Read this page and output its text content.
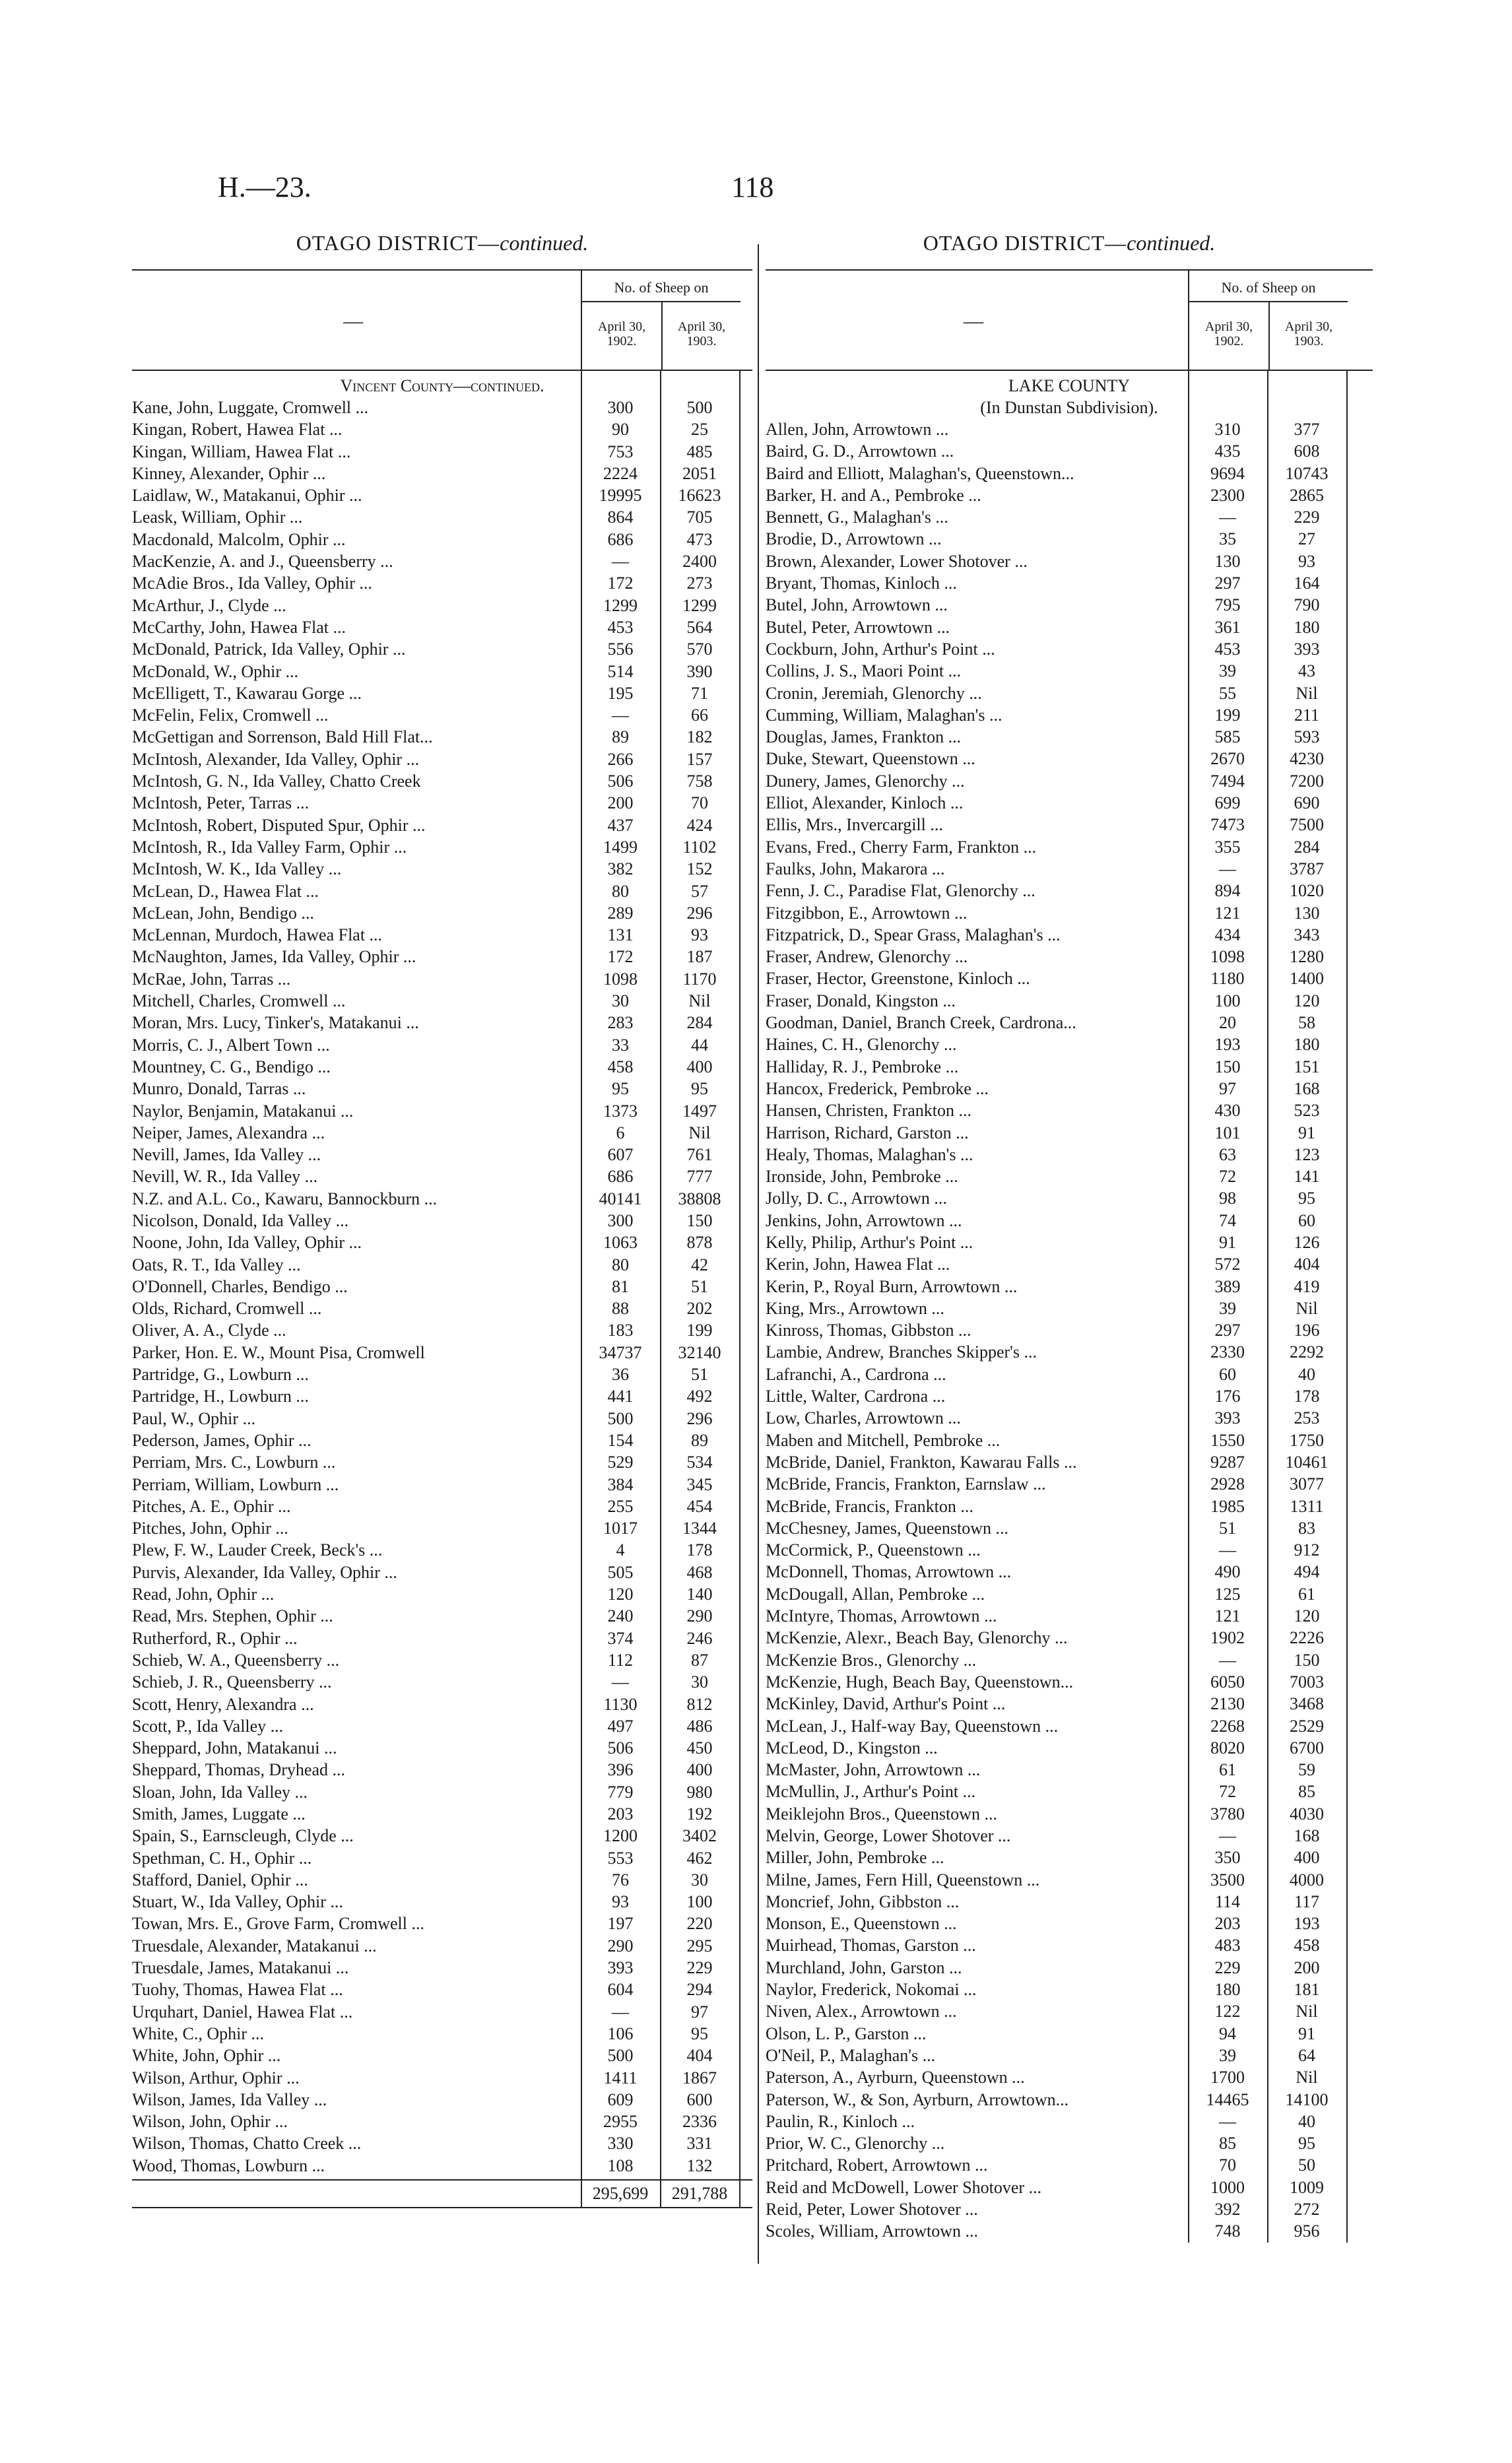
H.—23.	118
OTAGO DISTRICT—continued.
—
No. of Sheep on
April 30, 1902.
April 30, 1903.
Vincent County—continued.
Kane, John, Luggate, Cromwell ...	300	500
Kingan, Robert, Hawea Flat ...	90	25
Kingan, William, Hawea Flat ...	753	485
Kinney, Alexander, Ophir ...	2224	2051
Laidlaw, W., Matakanui, Ophir ...	19995	16623
Leask, William, Ophir ...	864	705
Macdonald, Malcolm, Ophir ...	686	473
MacKenzie, A. and J., Queensberry ...	—	2400
McAdie Bros., Ida Valley, Ophir ...	172	273
McArthur, J., Clyde ...	1299	1299
McCarthy, John, Hawea Flat ...	453	564
McDonald, Patrick, Ida Valley, Ophir ...	556	570
McDonald, W., Ophir ...	514	390
McElligett, T., Kawarau Gorge ...	195	71
McFelin, Felix, Cromwell ...	—	66
McGettigan and Sorrenson, Bald Hill Flat...	89	182
McIntosh, Alexander, Ida Valley, Ophir ...	266	157
McIntosh, G. N., Ida Valley, Chatto Creek	506	758
McIntosh, Peter, Tarras ...	200	70
McIntosh, Robert, Disputed Spur, Ophir ...	437	424
McIntosh, R., Ida Valley Farm, Ophir ...	1499	1102
McIntosh, W. K., Ida Valley ...	382	152
McLean, D., Hawea Flat ...	80	57
McLean, John, Bendigo ...	289	296
McLennan, Murdoch, Hawea Flat ...	131	93
McNaughton, James, Ida Valley, Ophir ...	172	187
McRae, John, Tarras ...	1098	1170
Mitchell, Charles, Cromwell ...	30	Nil
Moran, Mrs. Lucy, Tinker's, Matakanui ...	283	284
Morris, C. J., Albert Town ...	33	44
Mountney, C. G., Bendigo ...	458	400
Munro, Donald, Tarras ...	95	95
Naylor, Benjamin, Matakanui ...	1373	1497
Neiper, James, Alexandra ...	6	Nil
Nevill, James, Ida Valley ...	607	761
Nevill, W. R., Ida Valley ...	686	777
N.Z. and A.L. Co., Kawaru, Bannockburn ...	40141	38808
Nicolson, Donald, Ida Valley ...	300	150
Noone, John, Ida Valley, Ophir ...	1063	878
Oats, R. T., Ida Valley ...	80	42
O'Donnell, Charles, Bendigo ...	81	51
Olds, Richard, Cromwell ...	88	202
Oliver, A. A., Clyde ...	183	199
Parker, Hon. E. W., Mount Pisa, Cromwell	34737	32140
Partridge, G., Lowburn ...	36	51
Partridge, H., Lowburn ...	441	492
Paul, W., Ophir ...	500	296
Pederson, James, Ophir ...	154	89
Perriam, Mrs. C., Lowburn ...	529	534
Perriam, William, Lowburn ...	384	345
Pitches, A. E., Ophir ...	255	454
Pitches, John, Ophir ...	1017	1344
Plew, F. W., Lauder Creek, Beck's ...	4	178
Purvis, Alexander, Ida Valley, Ophir ...	505	468
Read, John, Ophir ...	120	140
Read, Mrs. Stephen, Ophir ...	240	290
Rutherford, R., Ophir ...	374	246
Schieb, W. A., Queensberry ...	112	87
Schieb, J. R., Queensberry ...	—	30
Scott, Henry, Alexandra ...	1130	812
Scott, P., Ida Valley ...	497	486
Sheppard, John, Matakanui ...	506	450
Sheppard, Thomas, Dryhead ...	396	400
Sloan, John, Ida Valley ...	779	980
Smith, James, Luggate ...	203	192
Spain, S., Earnscleugh, Clyde ...	1200	3402
Spethman, C. H., Ophir ...	553	462
Stafford, Daniel, Ophir ...	76	30
Stuart, W., Ida Valley, Ophir ...	93	100
Towan, Mrs. E., Grove Farm, Cromwell ...	197	220
Truesdale, Alexander, Matakanui ...	290	295
Truesdale, James, Matakanui ...	393	229
Tuohy, Thomas, Hawea Flat ...	604	294
Urquhart, Daniel, Hawea Flat ...	—	97
White, C., Ophir ...	106	95
White, John, Ophir ...	500	404
Wilson, Arthur, Ophir ...	1411	1867
Wilson, James, Ida Valley ...	609	600
Wilson, John, Ophir ...	2955	2336
Wilson, Thomas, Chatto Creek ...	330	331
Wood, Thomas, Lowburn ...	108	132
295,699	291,788
OTAGO DISTRICT—continued.
—
No. of Sheep on
April 30, 1902.
April 30, 1903.
LAKE COUNTY
(In Dunstan Subdivision).
Allen, John, Arrowtown ...	310	377
Baird, G. D., Arrowtown ...	435	608
Baird and Elliott, Malaghan's, Queenstown...	9694	10743
Barker, H. and A., Pembroke ...	2300	2865
Bennett, G., Malaghan's ...	—	229
Brodie, D., Arrowtown ...	35	27
Brown, Alexander, Lower Shotover ...	130	93
Bryant, Thomas, Kinloch ...	297	164
Butel, John, Arrowtown ...	795	790
Butel, Peter, Arrowtown ...	361	180
Cockburn, John, Arthur's Point ...	453	393
Collins, J. S., Maori Point ...	39	43
Cronin, Jeremiah, Glenorchy ...	55	Nil
Cumming, William, Malaghan's ...	199	211
Douglas, James, Frankton ...	585	593
Duke, Stewart, Queenstown ...	2670	4230
Dunery, James, Glenorchy ...	7494	7200
Elliot, Alexander, Kinloch ...	699	690
Ellis, Mrs., Invercargill ...	7473	7500
Evans, Fred., Cherry Farm, Frankton ...	355	284
Faulks, John, Makarora ...	—	3787
Fenn, J. C., Paradise Flat, Glenorchy ...	894	1020
Fitzgibbon, E., Arrowtown ...	121	130
Fitzpatrick, D., Spear Grass, Malaghan's ...	434	343
Fraser, Andrew, Glenorchy ...	1098	1280
Fraser, Hector, Greenstone, Kinloch ...	1180	1400
Fraser, Donald, Kingston ...	100	120
Goodman, Daniel, Branch Creek, Cardrona...	20	58
Haines, C. H., Glenorchy ...	193	180
Halliday, R. J., Pembroke ...	150	151
Hancox, Frederick, Pembroke ...	97	168
Hansen, Christen, Frankton ...	430	523
Harrison, Richard, Garston ...	101	91
Healy, Thomas, Malaghan's ...	63	123
Ironside, John, Pembroke ...	72	141
Jolly, D. C., Arrowtown ...	98	95
Jenkins, John, Arrowtown ...	74	60
Kelly, Philip, Arthur's Point ...	91	126
Kerin, John, Hawea Flat ...	572	404
Kerin, P., Royal Burn, Arrowtown ...	389	419
King, Mrs., Arrowtown ...	39	Nil
Kinross, Thomas, Gibbston ...	297	196
Lambie, Andrew, Branches Skipper's ...	2330	2292
Lafranchi, A., Cardrona ...	60	40
Little, Walter, Cardrona ...	176	178
Low, Charles, Arrowtown ...	393	253
Maben and Mitchell, Pembroke ...	1550	1750
McBride, Daniel, Frankton, Kawarau Falls ...	9287	10461
McBride, Francis, Frankton, Earnslaw ...	2928	3077
McBride, Francis, Frankton ...	1985	1311
McChesney, James, Queenstown ...	51	83
McCormick, P., Queenstown ...	—	912
McDonnell, Thomas, Arrowtown ...	490	494
McDougall, Allan, Pembroke ...	125	61
McIntyre, Thomas, Arrowtown ...	121	120
McKenzie, Alexr., Beach Bay, Glenorchy ...	1902	2226
McKenzie Bros., Glenorchy ...	—	150
McKenzie, Hugh, Beach Bay, Queenstown...	6050	7003
McKinley, David, Arthur's Point ...	2130	3468
McLean, J., Half-way Bay, Queenstown ...	2268	2529
McLeod, D., Kingston ...	8020	6700
McMaster, John, Arrowtown ...	61	59
McMullin, J., Arthur's Point ...	72	85
Meiklejohn Bros., Queenstown ...	3780	4030
Melvin, George, Lower Shotover ...	—	168
Miller, John, Pembroke ...	350	400
Milne, James, Fern Hill, Queenstown ...	3500	4000
Moncrief, John, Gibbston ...	114	117
Monson, E., Queenstown ...	203	193
Muirhead, Thomas, Garston ...	483	458
Murchland, John, Garston ...	229	200
Naylor, Frederick, Nokomai ...	180	181
Niven, Alex., Arrowtown ...	122	Nil
Olson, L. P., Garston ...	94	91
O'Neil, P., Malaghan's ...	39	64
Paterson, A., Ayrburn, Queenstown ...	1700	Nil
Paterson, W., & Son, Ayrburn, Arrowtown...	14465	14100
Paulin, R., Kinloch ...	—	40
Prior, W. C., Glenorchy ...	85	95
Pritchard, Robert, Arrowtown ...	70	50
Reid and McDowell, Lower Shotover ...	1000	1009
Reid, Peter, Lower Shotover ...	392	272
Scoles, William, Arrowtown ...	748	956
